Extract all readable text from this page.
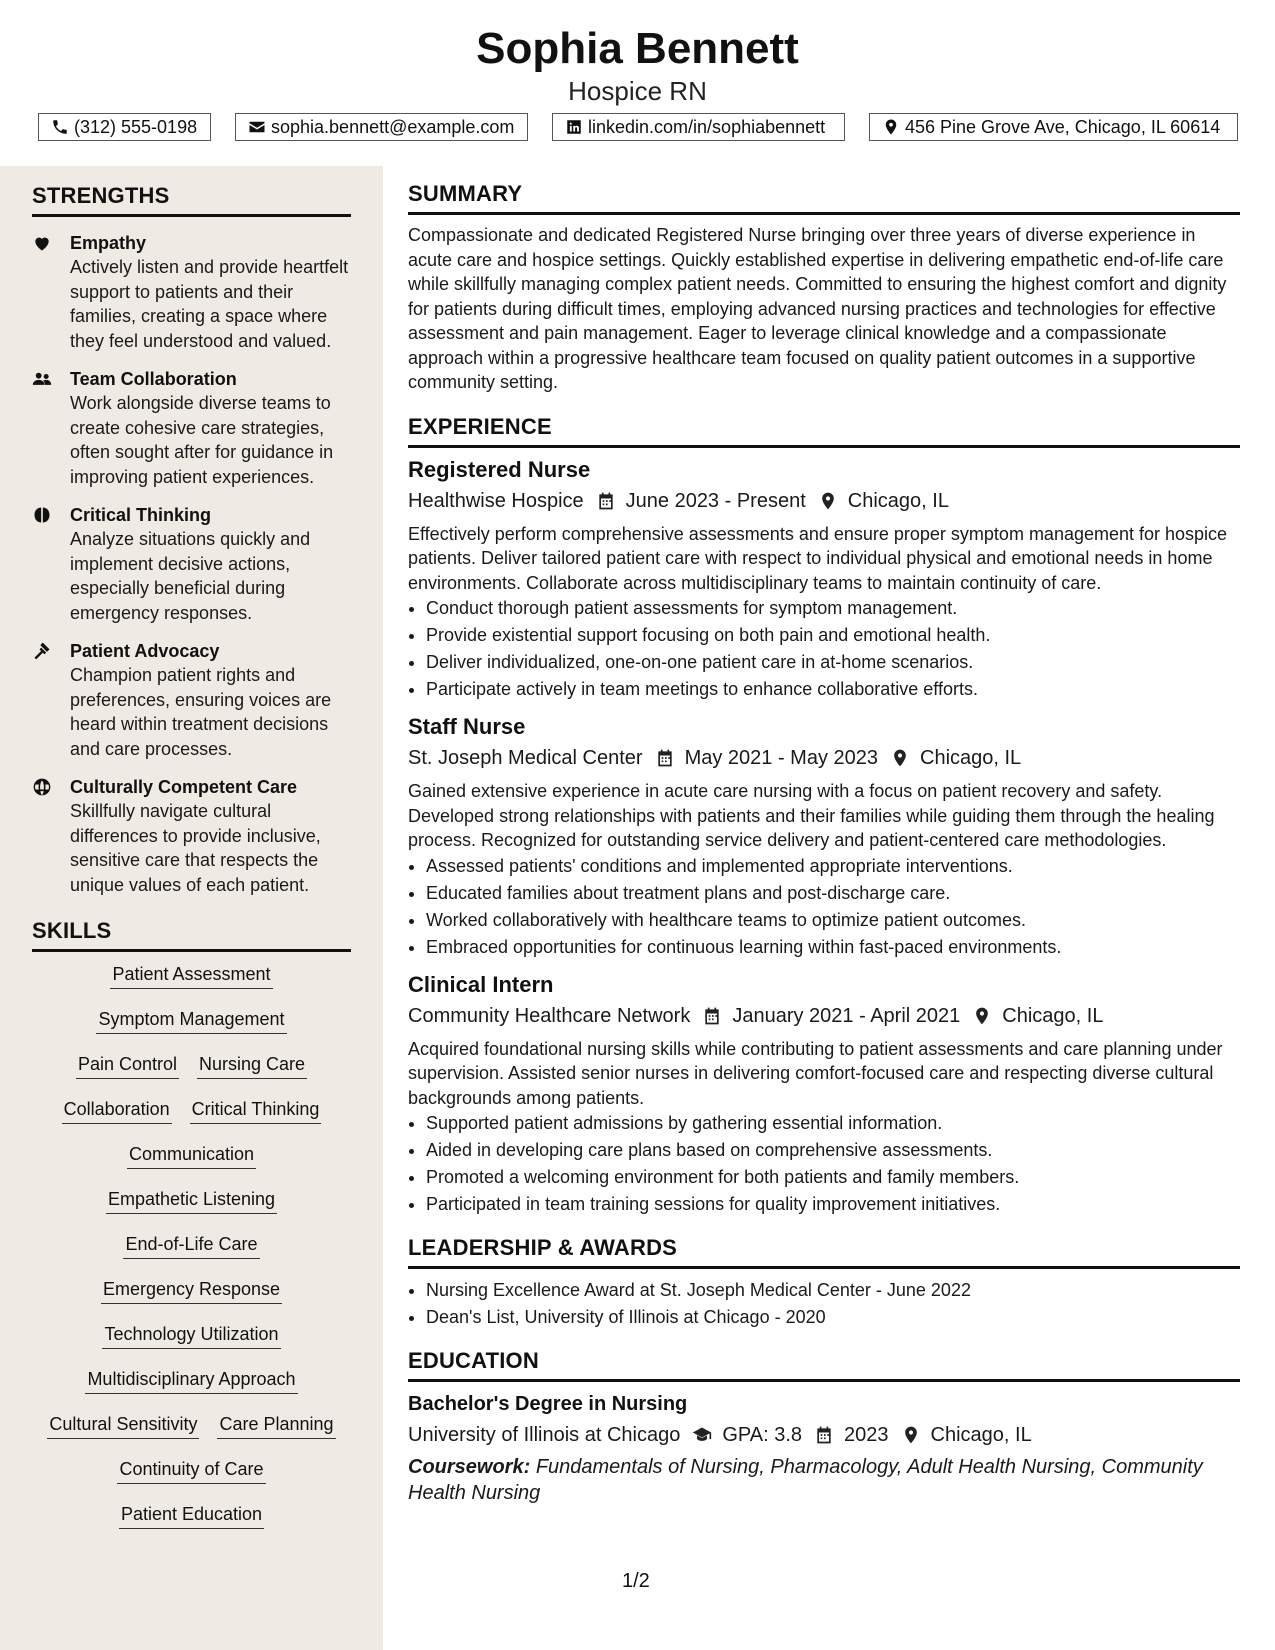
Sophia Bennett
Hospice RN
(312) 555-0198	sophia.bennett@example.com	linkedin.com/in/sophiabennett	456 Pine Grove Ave, Chicago, IL 60614
STRENGTHS
Empathy
Actively listen and provide heartfelt support to patients and their families, creating a space where they feel understood and valued.
Team Collaboration
Work alongside diverse teams to create cohesive care strategies, often sought after for guidance in improving patient experiences.
Critical Thinking
Analyze situations quickly and implement decisive actions, especially beneficial during emergency responses.
Patient Advocacy
Champion patient rights and preferences, ensuring voices are heard within treatment decisions and care processes.
Culturally Competent Care
Skillfully navigate cultural differences to provide inclusive, sensitive care that respects the unique values of each patient.
SKILLS
Patient Assessment
Symptom Management
Pain Control Nursing Care
Collaboration Critical Thinking
Communication
Empathetic Listening
End-of-Life Care
Emergency Response
Technology Utilization
Multidisciplinary Approach
Cultural Sensitivity Care Planning
Continuity of Care
Patient Education
SUMMARY

Compassionate and dedicated Registered Nurse bringing over three years of diverse experience in acute care and hospice settings. Quickly established expertise in delivering empathetic end-of-life care while skillfully managing complex patient needs. Committed to ensuring the highest comfort and dignity for patients during difficult times, employing advanced nursing practices and technologies for effective assessment and pain management. Eager to leverage clinical knowledge and a compassionate approach within a progressive healthcare team focused on quality patient outcomes in a supportive community setting.

EXPERIENCE
Registered Nurse
Healthwise Hospice June 2023 - Present Chicago, IL
Effectively perform comprehensive assessments and ensure proper symptom management for hospice patients. Deliver tailored patient care with respect to individual physical and emotional needs in home environments. Collaborate across multidisciplinary teams to maintain continuity of care.
• Conduct thorough patient assessments for symptom management.
• Provide existential support focusing on both pain and emotional health.
• Deliver individualized, one-on-one patient care in at-home scenarios.
• Participate actively in team meetings to enhance collaborative efforts.
Staff Nurse
St. Joseph Medical Center May 2021 - May 2023 Chicago, IL
Gained extensive experience in acute care nursing with a focus on patient recovery and safety. Developed strong relationships with patients and their families while guiding them through the healing process. Recognized for outstanding service delivery and patient-centered care methodologies.
• Assessed patients' conditions and implemented appropriate interventions.
• Educated families about treatment plans and post-discharge care.
• Worked collaboratively with healthcare teams to optimize patient outcomes.
• Embraced opportunities for continuous learning within fast-paced environments.
Clinical Intern
Community Healthcare Network January 2021 - April 2021 Chicago, IL
Acquired foundational nursing skills while contributing to patient assessments and care planning under supervision. Assisted senior nurses in delivering comfort-focused care and respecting diverse cultural backgrounds among patients.
• Supported patient admissions by gathering essential information.
• Aided in developing care plans based on comprehensive assessments.
• Promoted a welcoming environment for both patients and family members.
• Participated in team training sessions for quality improvement initiatives.
LEADERSHIP & AWARDS
• Nursing Excellence Award at St. Joseph Medical Center - June 2022
• Dean's List, University of Illinois at Chicago - 2020
EDUCATION
Bachelor's Degree in Nursing
University of Illinois at Chicago GPA: 3.8 2023 Chicago, IL
Coursework: Fundamentals of Nursing, Pharmacology, Adult Health Nursing, Community Health Nursing
1/2
